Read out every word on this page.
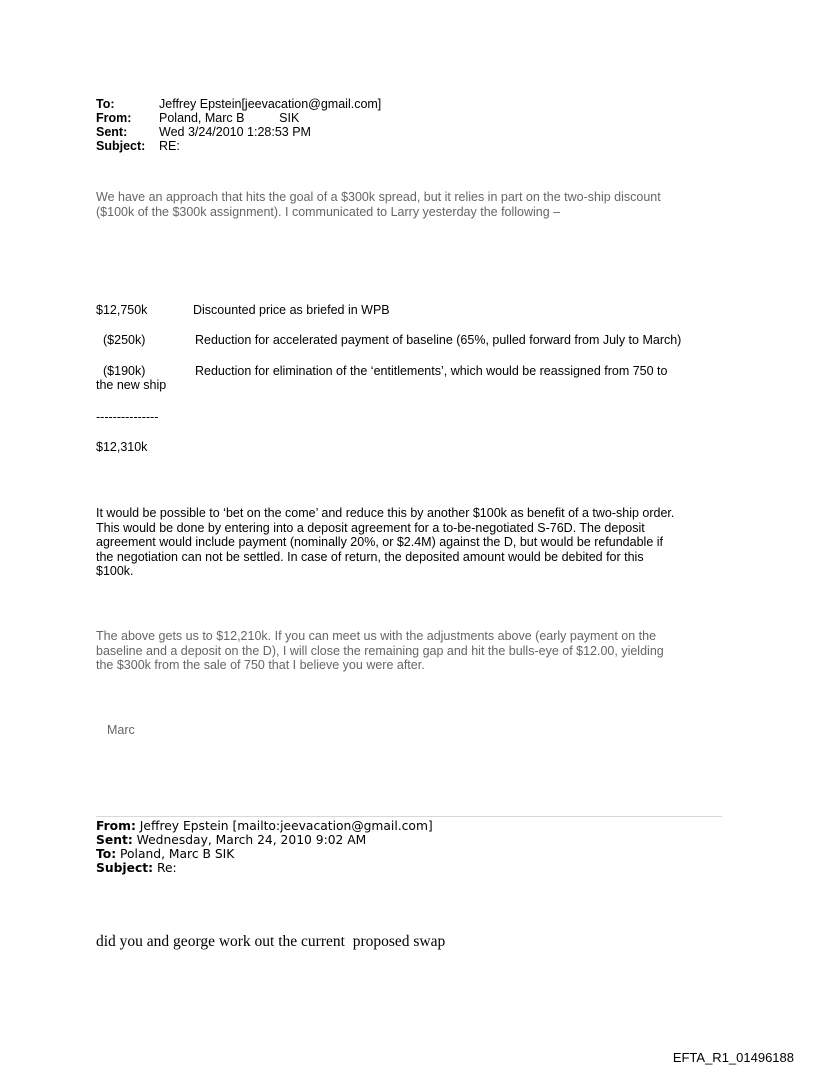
To:	Jeffrey Epstein[jeevacation@gmail.com]
From: Poland, Marc B          SIK
Sent:	Wed 3/24/2010 1:28:53 PM
Subject: RE:
We have an approach that hits the goal of a $300k spread, but it relies in part on the two-ship discount
($100k of the $300k assignment). I communicated to Larry yesterday the following –
$12,750k	Discounted price as briefed in WPB
($250k)	Reduction for accelerated payment of baseline (65%, pulled forward from July to March)
($190k)	Reduction for elimination of the ‘entitlements’, which would be reassigned from 750 to
the new ship
---------------
$12,310k
It would be possible to ‘bet on the come’ and reduce this by another $100k as benefit of a two-ship order.
This would be done by entering into a deposit agreement for a to-be-negotiated S-76D. The deposit
agreement would include payment (nominally 20%, or $2.4M) against the D, but would be refundable if
the negotiation can not be settled. In case of return, the deposited amount would be debited for this
$100k.
The above gets us to $12,210k. If you can meet us with the adjustments above (early payment on the
baseline and a deposit on the D), I will close the remaining gap and hit the bulls-eye of $12.00, yielding
the $300k from the sale of 750 that I believe you were after.
Marc
From: Jeffrey Epstein [mailto:jeevacation@gmail.com]
Sent: Wednesday, March 24, 2010 9:02 AM
To: Poland, Marc B SIK
Subject: Re:
did you and george work out the current  proposed swap
EFTA_R1_01496188
